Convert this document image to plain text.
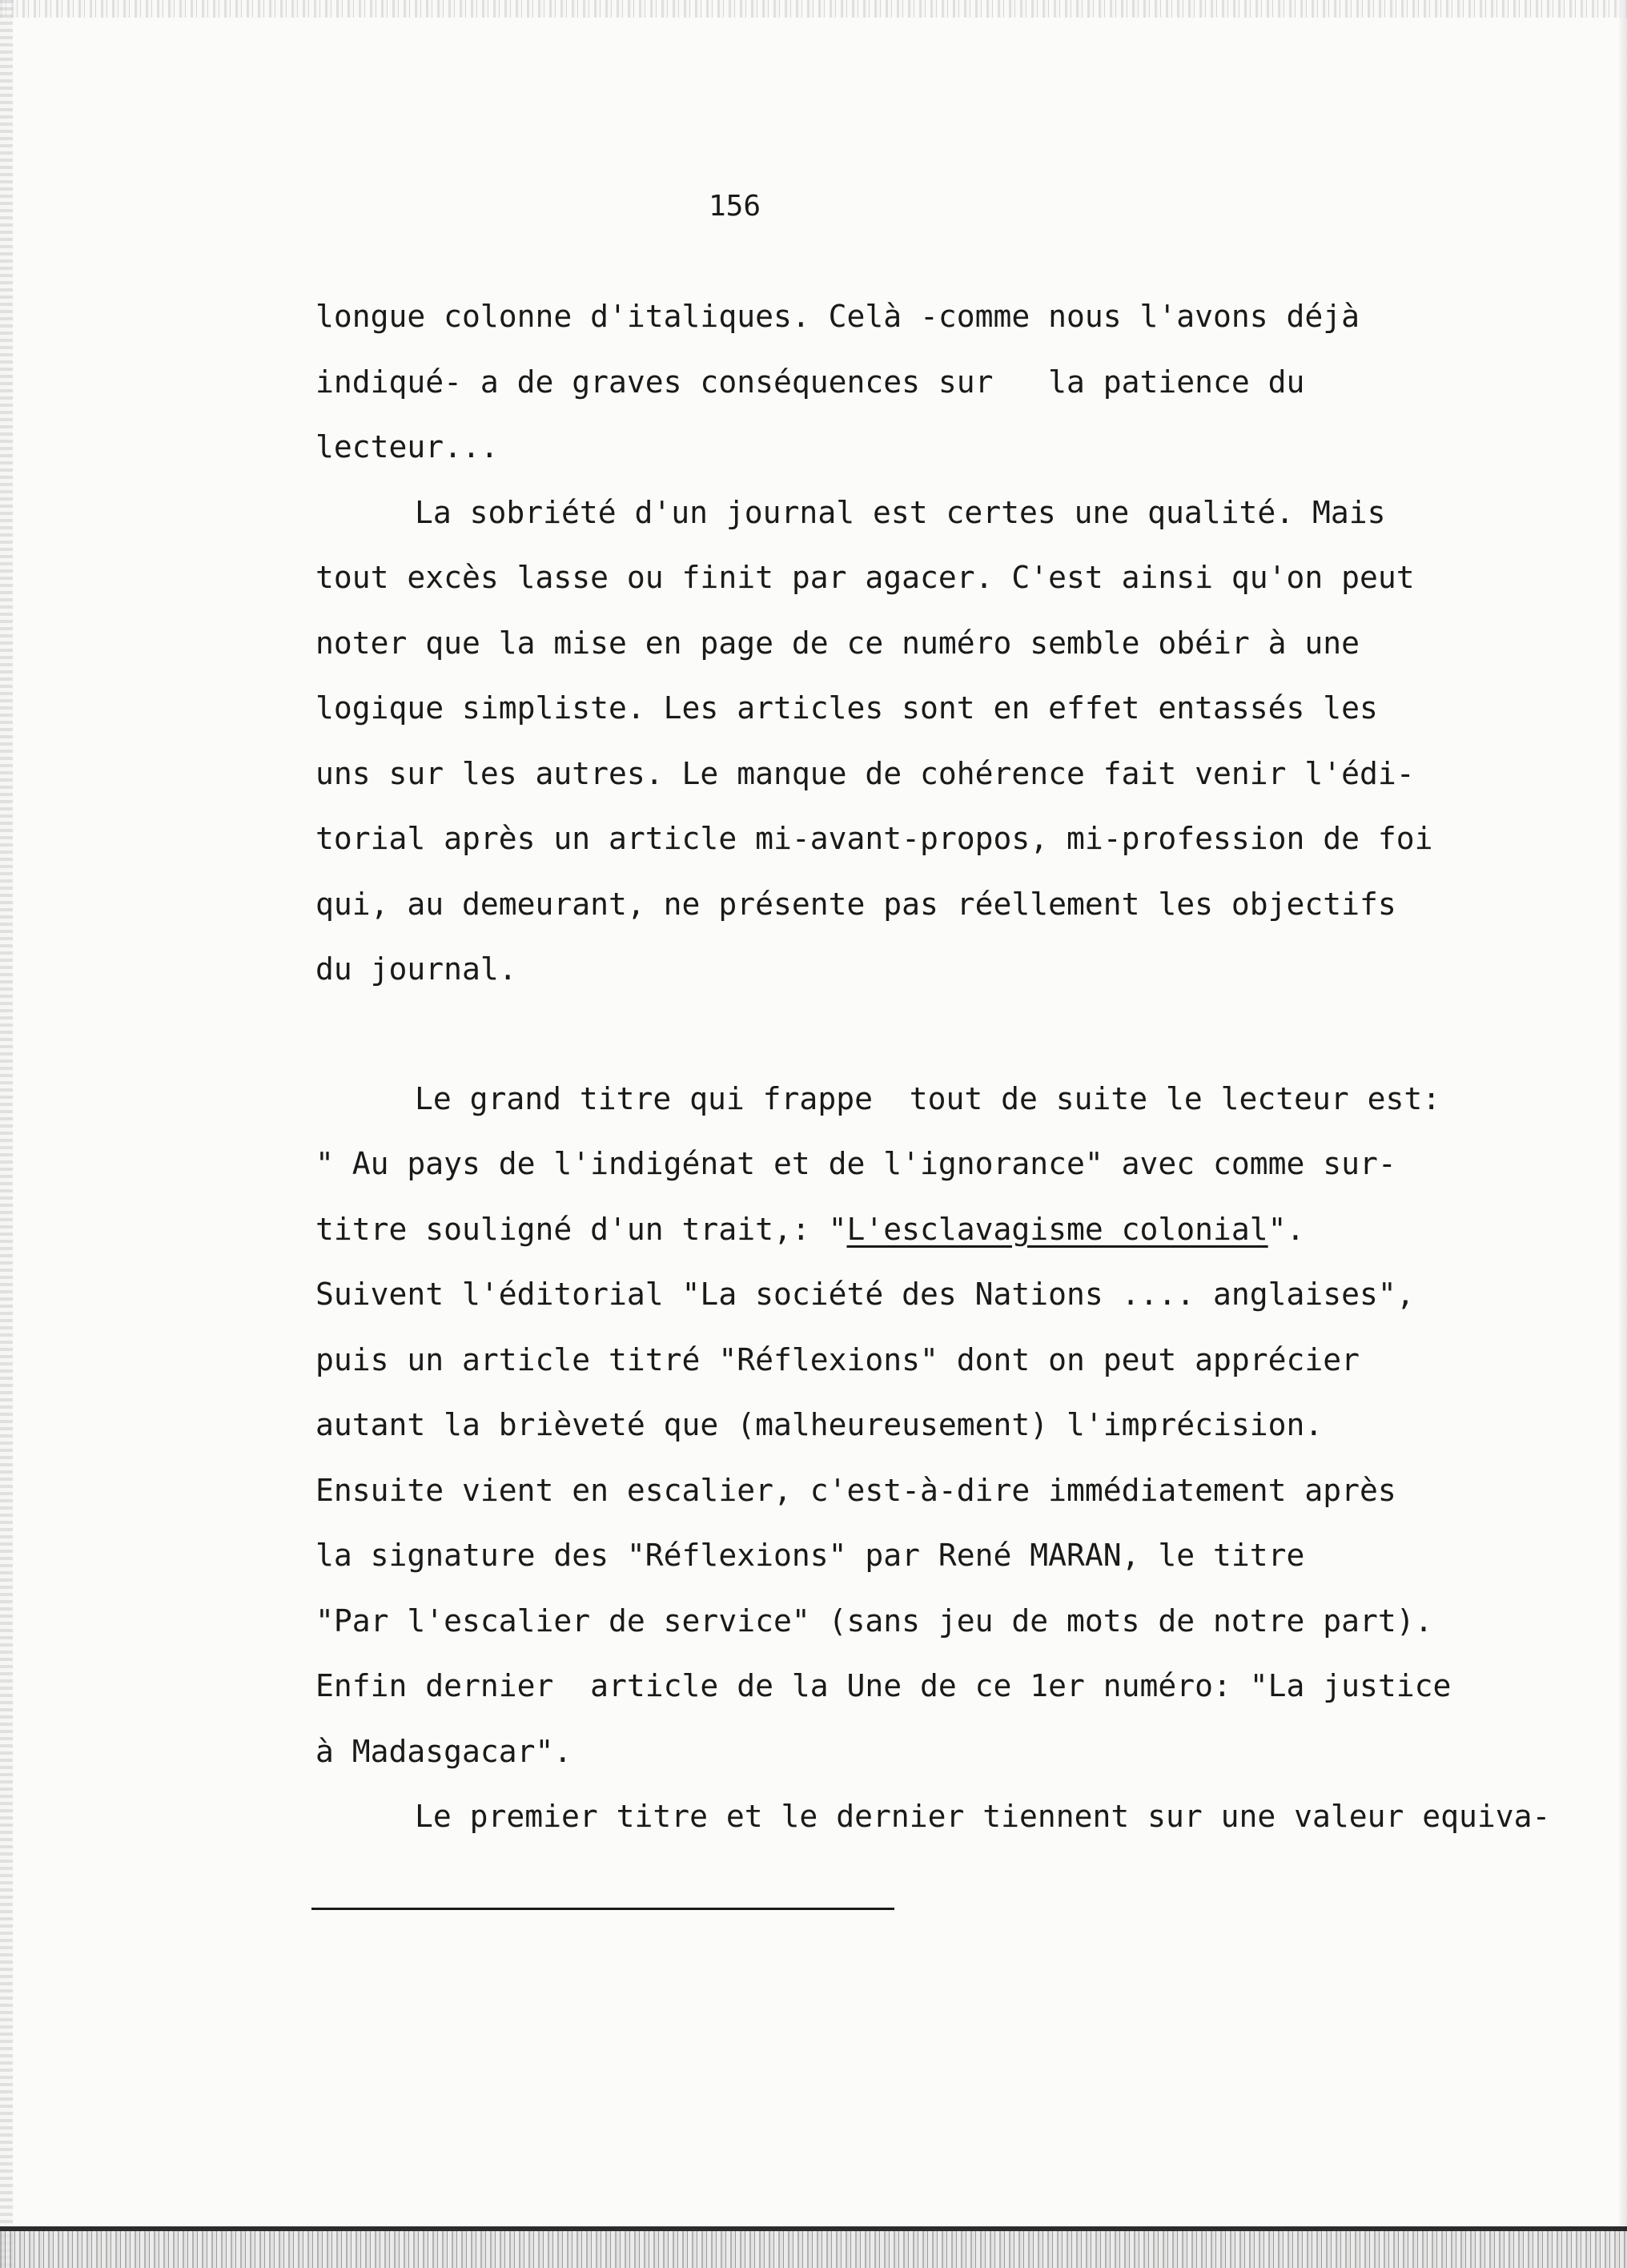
156
longue colonne d'italiques. Celà -comme nous l'avons déjà
indiqué- a de graves conséquences sur   la patience du
lecteur...
La sobriété d'un journal est certes une qualité. Mais
tout excès lasse ou finit par agacer. C'est ainsi qu'on peut
noter que la mise en page de ce numéro semble obéir à une
logique simpliste. Les articles sont en effet entassés les
uns sur les autres. Le manque de cohérence fait venir l'édi-
torial après un article mi-avant-propos, mi-profession de foi
qui, au demeurant, ne présente pas réellement les objectifs
du journal.
Le grand titre qui frappe  tout de suite le lecteur est:
" Au pays de l'indigénat et de l'ignorance" avec comme sur-
titre souligné d'un trait,: "L'esclavagisme colonial".
Suivent l'éditorial "La société des Nations .... anglaises",
puis un article titré "Réflexions" dont on peut apprécier
autant la brièveté que (malheureusement) l'imprécision.
Ensuite vient en escalier, c'est-à-dire immédiatement après
la signature des "Réflexions" par René MARAN, le titre
"Par l'escalier de service" (sans jeu de mots de notre part).
Enfin dernier  article de la Une de ce 1er numéro: "La justice
à Madasgacar".
Le premier titre et le dernier tiennent sur une valeur equiva-
